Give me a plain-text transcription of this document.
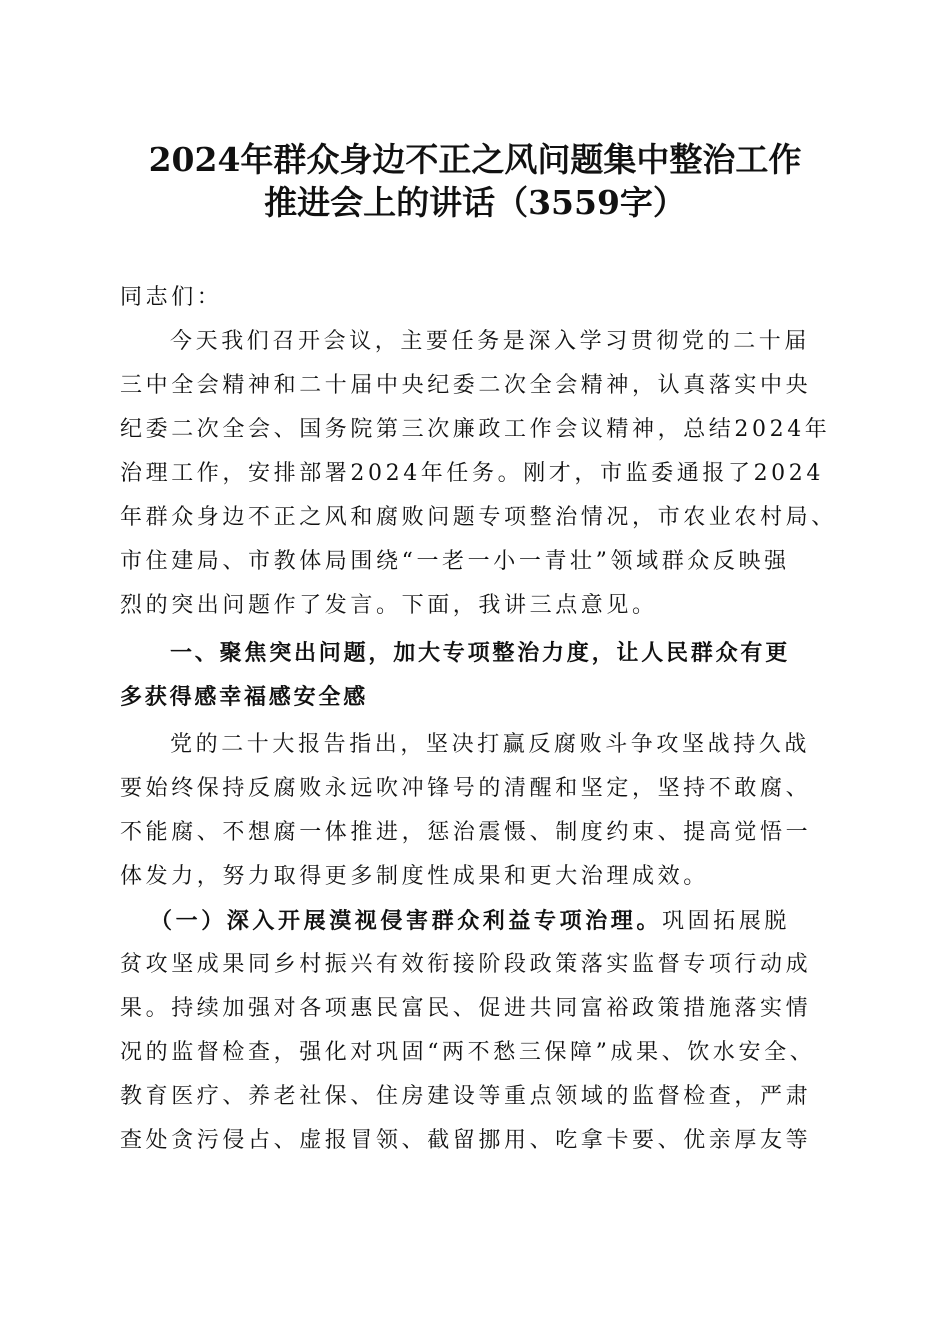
2024年群众身边不正之风问题集中整治工作
推进会上的讲话（3559字）
同志们：
今天我们召开会议，主要任务是深入学习贯彻党的二十届
三中全会精神和二十届中央纪委二次全会精神，认真落实中央
纪委二次全会、国务院第三次廉政工作会议精神，总结2024年
治理工作，安排部署2024年任务。刚才，市监委通报了2024
年群众身边不正之风和腐败问题专项整治情况，市农业农村局、
市住建局、市教体局围绕“一老一小一青壮”领域群众反映强
烈的突出问题作了发言。下面，我讲三点意见。
一、聚焦突出问题，加大专项整治力度，让人民群众有更
多获得感幸福感安全感
党的二十大报告指出，坚决打赢反腐败斗争攻坚战持久战
要始终保持反腐败永远吹冲锋号的清醒和坚定，坚持不敢腐、
不能腐、不想腐一体推进，惩治震慑、制度约束、提高觉悟一
体发力，努力取得更多制度性成果和更大治理成效。
（一）深入开展漠视侵害群众利益专项治理。巩固拓展脱
贫攻坚成果同乡村振兴有效衔接阶段政策落实监督专项行动成
果。持续加强对各项惠民富民、促进共同富裕政策措施落实情
况的监督检查，强化对巩固“两不愁三保障”成果、饮水安全、
教育医疗、养老社保、住房建设等重点领域的监督检查，严肃
查处贪污侵占、虚报冒领、截留挪用、吃拿卡要、优亲厚友等
